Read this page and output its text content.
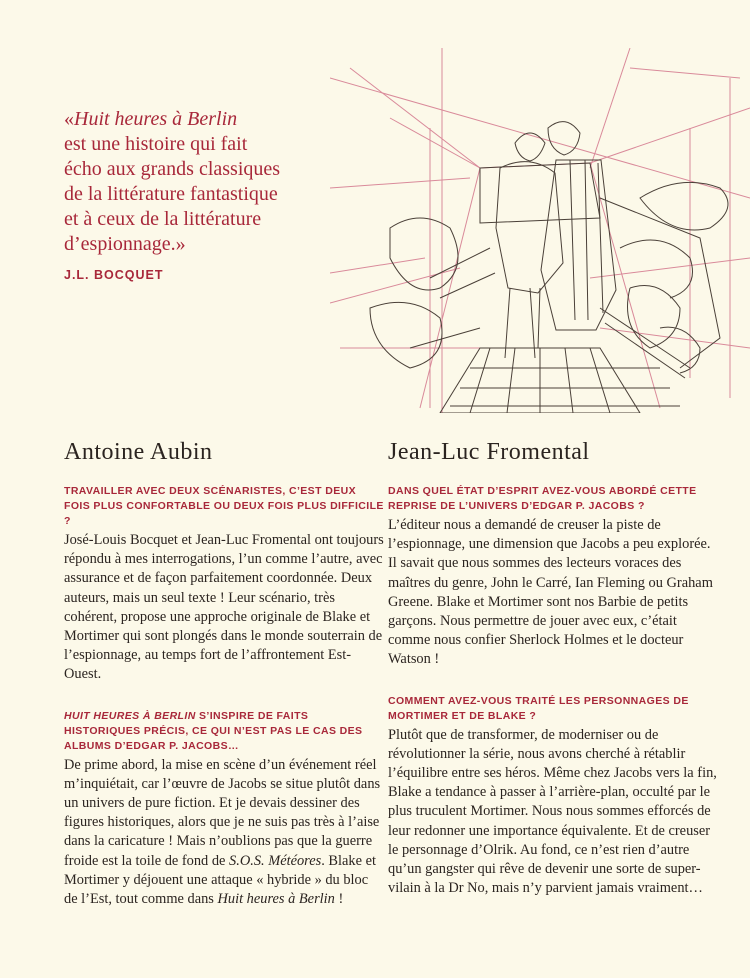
«Huit heures à Berlin

est une histoire qui fait

écho aux grands classiques

de la littérature fantastique

et à ceux de la littérature

d’espionnage.»

J.L. BOCQUET
Antoine Aubin

TRAVAILLER AVEC DEUX SCÉNARISTES, C’EST DEUX FOIS PLUS CONFORTABLE OU DEUX FOIS PLUS DIFFICILE ?

José-Louis Bocquet et Jean-Luc Fromental ont toujours répondu à mes interrogations, l’un comme l’autre, avec assurance et de façon parfaitement coordonnée. Deux auteurs, mais un seul texte ! Leur scénario, très cohérent, propose une approche originale de Blake et Mortimer qui sont plongés dans le monde souterrain de l’espionnage, au temps fort de l’affrontement Est-Ouest.

HUIT HEURES À BERLIN S’INSPIRE DE FAITS HISTORIQUES PRÉCIS, CE QUI N’EST PAS LE CAS DES ALBUMS D’EDGAR P. JACOBS…

De prime abord, la mise en scène d’un événement réel m’inquiétait, car l’œuvre de Jacobs se situe plutôt dans un univers de pure fiction. Et je devais dessiner des figures historiques, alors que je ne suis pas très à l’aise dans la caricature ! Mais n’oublions pas que la guerre froide est la toile de fond de S.O.S. Météores. Blake et Mortimer y déjouent une attaque « hybride » du bloc de l’Est, tout comme dans Huit heures à Berlin !

Jean-Luc Fromental

DANS QUEL ÉTAT D’ESPRIT AVEZ-VOUS ABORDÉ CETTE REPRISE DE L’UNIVERS D’EDGAR P. JACOBS ?

L’éditeur nous a demandé de creuser la piste de l’espionnage, une dimension que Jacobs a peu explorée. Il savait que nous sommes des lecteurs voraces des maîtres du genre, John le Carré, Ian Fleming ou Graham Greene. Blake et Mortimer sont nos Barbie de petits garçons. Nous permettre de jouer avec eux, c’était comme nous confier Sherlock Holmes et le docteur Watson !

COMMENT AVEZ-VOUS TRAITÉ LES PERSONNAGES DE MORTIMER ET DE BLAKE ?

Plutôt que de transformer, de moderniser ou de révolutionner la série, nous avons cherché à rétablir l’équilibre entre ses héros. Même chez Jacobs vers la fin, Blake a tendance à passer à l’arrière-plan, occulté par le plus truculent Mortimer. Nous nous sommes efforcés de leur redonner une importance équivalente. Et de creuser le personnage d’Olrik. Au fond, ce n’est rien d’autre qu’un gangster qui rêve de devenir une sorte de super-vilain à la Dr No, mais n’y parvient jamais vraiment…
